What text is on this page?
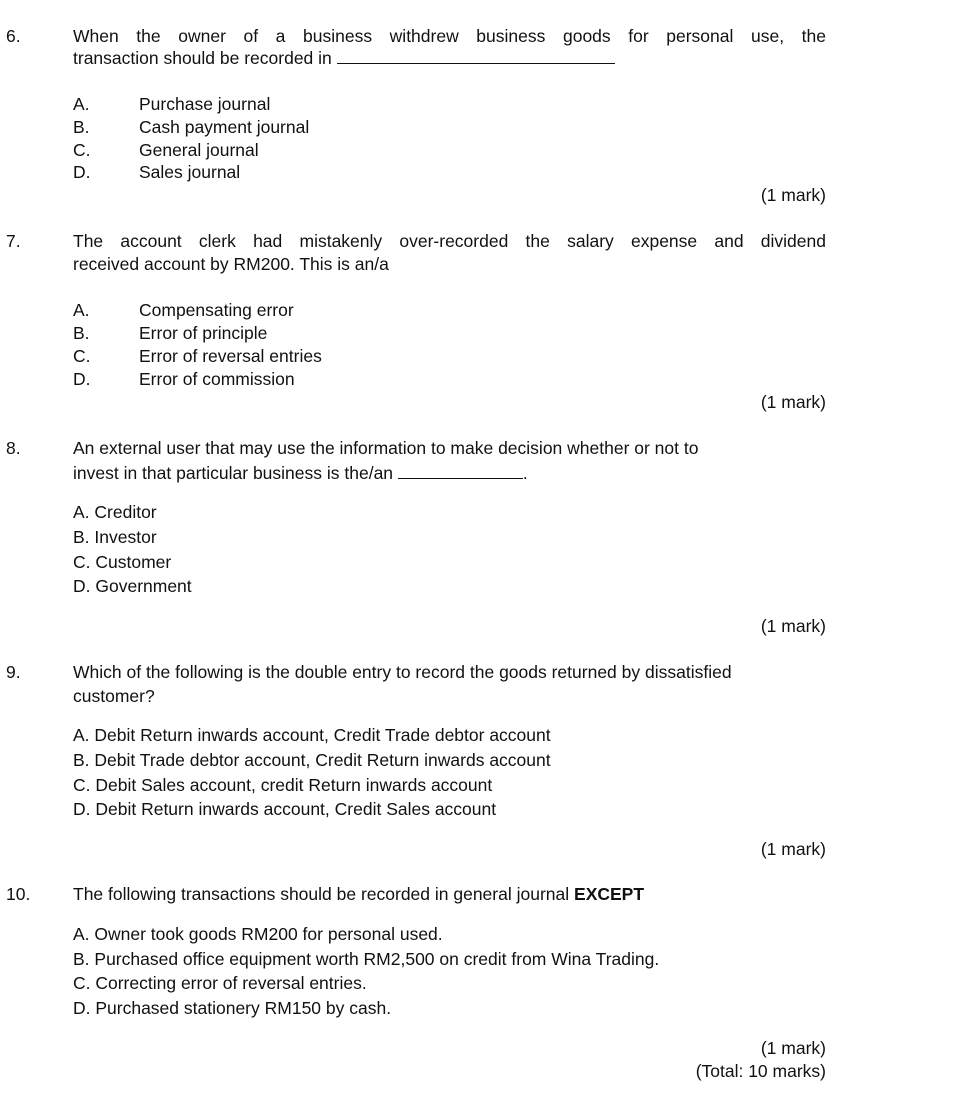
6.	When the owner of a business withdrew business goods for personal use, the
transaction should be recorded in
A.	Purchase journal
B.	Cash payment journal
C.	General journal
D.	Sales journal
(1 mark)
7.	The account clerk had mistakenly over-recorded the salary expense and dividend
received account by RM200. This is an/a
A.	Compensating error
B.	Error of principle
C.	Error of reversal entries
D.	Error of commission
(1 mark)
8.	An external user that may use the information to make decision whether or not to
invest in that particular business is the/an	.
A. Creditor
B. Investor
C. Customer
D. Government
(1 mark)
9.	Which of the following is the double entry to record the goods returned by dissatisfied
customer?
A. Debit Return inwards account, Credit Trade debtor account
B. Debit Trade debtor account, Credit Return inwards account
C. Debit Sales account, credit Return inwards account
D. Debit Return inwards account, Credit Sales account
(1 mark)
10. The following transactions should be recorded in general journal EXCEPT
A. Owner took goods RM200 for personal used.
B. Purchased office equipment worth RM2,500 on credit from Wina Trading.
C. Correcting error of reversal entries.
D. Purchased stationery RM150 by cash.
(1 mark)
(Total: 10 marks)
